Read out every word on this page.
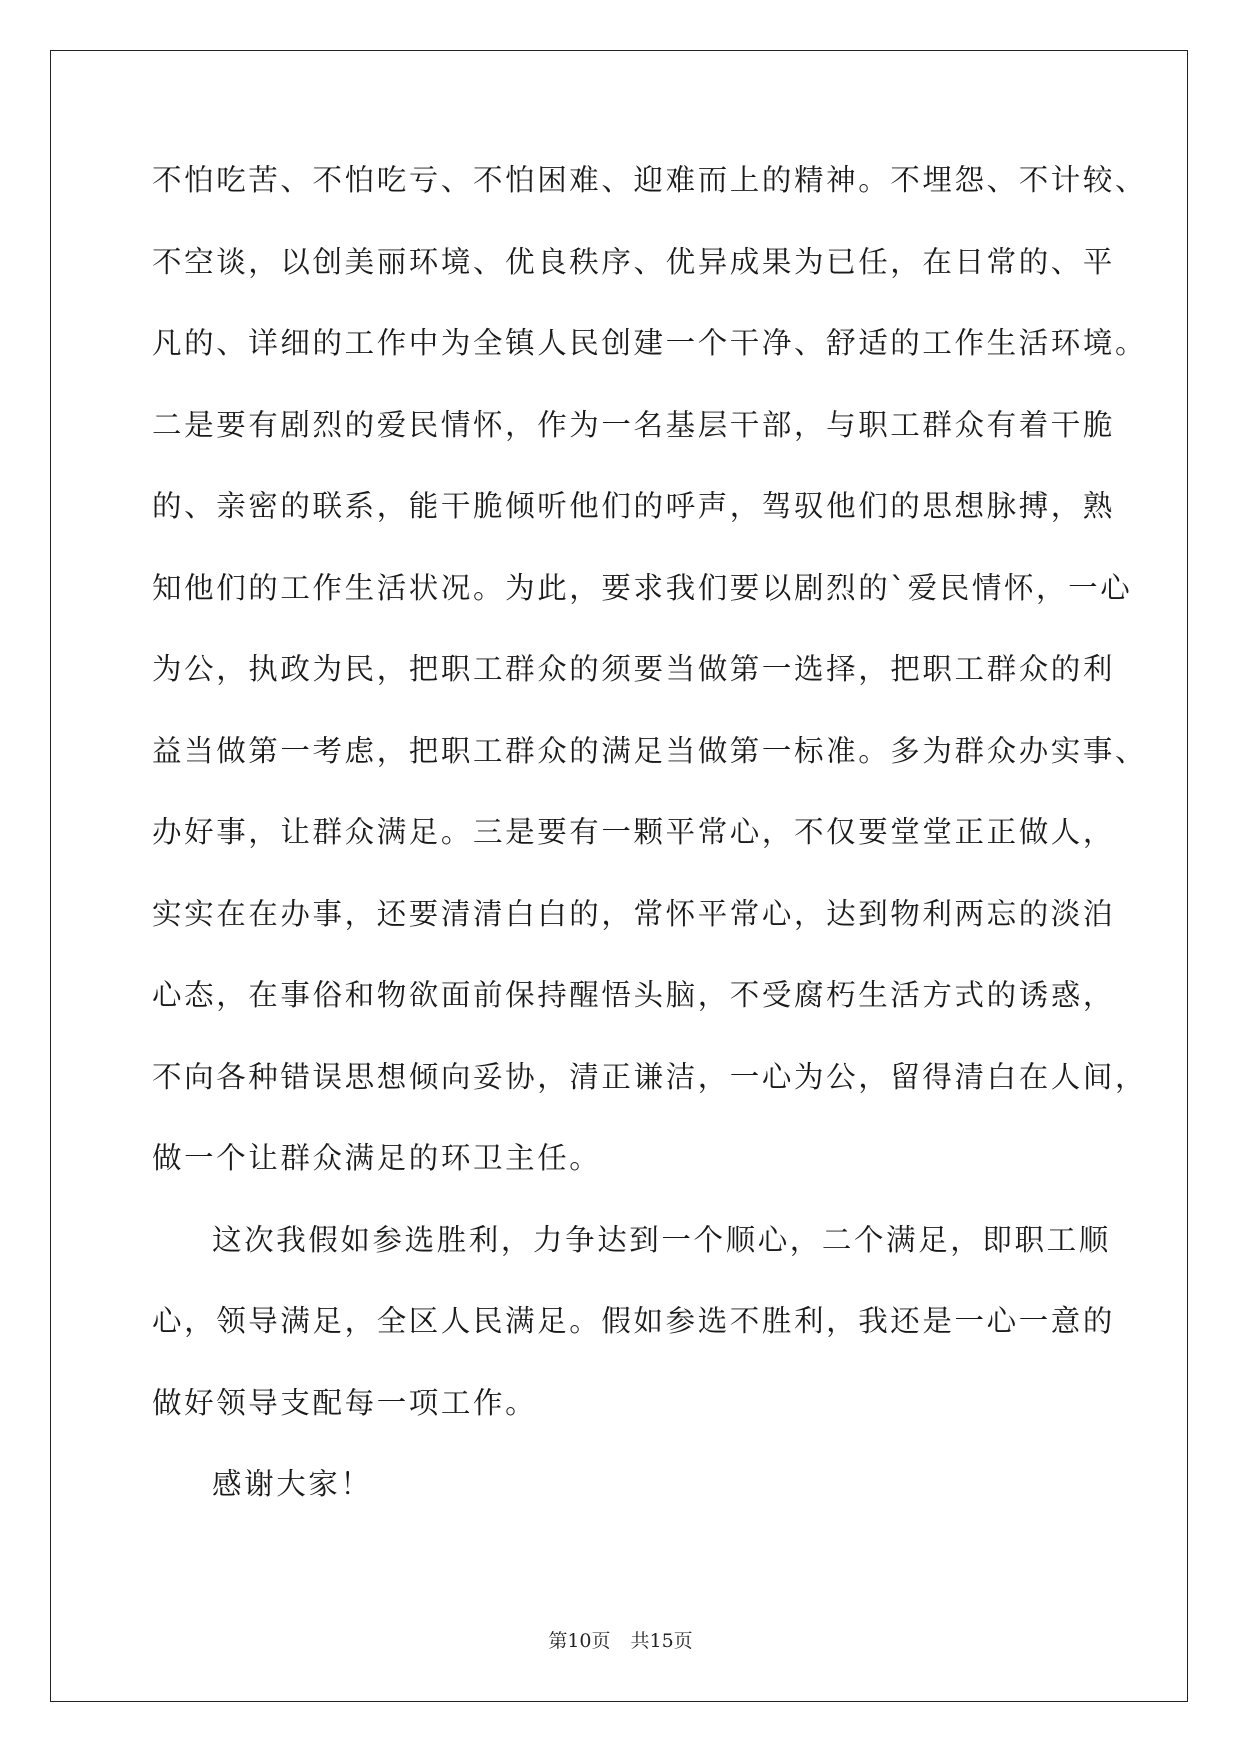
不怕吃苦、不怕吃亏、不怕困难、迎难而上的精神。不埋怨、不计较、
不空谈，以创美丽环境、优良秩序、优异成果为已任，在日常的、平
凡的、详细的工作中为全镇人民创建一个干净、舒适的工作生活环境。
二是要有剧烈的爱民情怀，作为一名基层干部，与职工群众有着干脆
的、亲密的联系，能干脆倾听他们的呼声，驾驭他们的思想脉搏，熟
知他们的工作生活状况。为此，要求我们要以剧烈的`爱民情怀，一心
为公，执政为民，把职工群众的须要当做第一选择，把职工群众的利
益当做第一考虑，把职工群众的满足当做第一标准。多为群众办实事、
办好事，让群众满足。三是要有一颗平常心，不仅要堂堂正正做人，
实实在在办事，还要清清白白的，常怀平常心，达到物利两忘的淡泊
心态，在事俗和物欲面前保持醒悟头脑，不受腐朽生活方式的诱惑，
不向各种错误思想倾向妥协，清正谦洁，一心为公，留得清白在人间，
做一个让群众满足的环卫主任。
这次我假如参选胜利，力争达到一个顺心，二个满足，即职工顺
心，领导满足，全区人民满足。假如参选不胜利，我还是一心一意的
做好领导支配每一项工作。
感谢大家！
第10页 共15页
